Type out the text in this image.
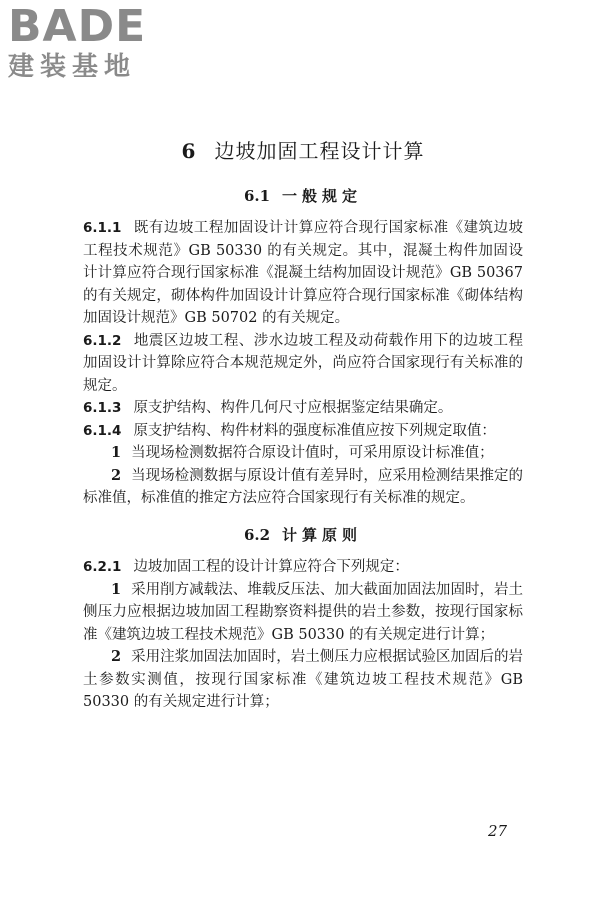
BADE
建装基地
6 边坡加固工程设计计算
6.1 一般规定

6.1.1 既有边坡工程加固设计计算应符合现行国家标准《建筑边坡工程技术规范》GB 50330 的有关规定。其中，混凝土构件加固设计计算应符合现行国家标准《混凝土结构加固设计规范》GB 50367 的有关规定，砌体构件加固设计计算应符合现行国家标准《砌体结构加固设计规范》GB 50702 的有关规定。

6.1.2 地震区边坡工程、涉水边坡工程及动荷载作用下的边坡工程加固设计计算除应符合本规范规定外，尚应符合国家现行有关标准的规定。

6.1.3 原支护结构、构件几何尺寸应根据鉴定结果确定。

6.1.4 原支护结构、构件材料的强度标准值应按下列规定取值：

1 当现场检测数据符合原设计值时，可采用原设计标准值；

2 当现场检测数据与原设计值有差异时，应采用检测结果推定的标准值，标准值的推定方法应符合国家现行有关标准的规定。

6.2 计算原则

6.2.1 边坡加固工程的设计计算应符合下列规定：

1 采用削方减载法、堆载反压法、加大截面加固法加固时，岩土侧压力应根据边坡加固工程勘察资料提供的岩土参数，按现行国家标准《建筑边坡工程技术规范》GB 50330 的有关规定进行计算；

2 采用注浆加固法加固时，岩土侧压力应根据试验区加固后的岩土参数实测值，按现行国家标准《建筑边坡工程技术规范》GB 50330 的有关规定进行计算；

27
